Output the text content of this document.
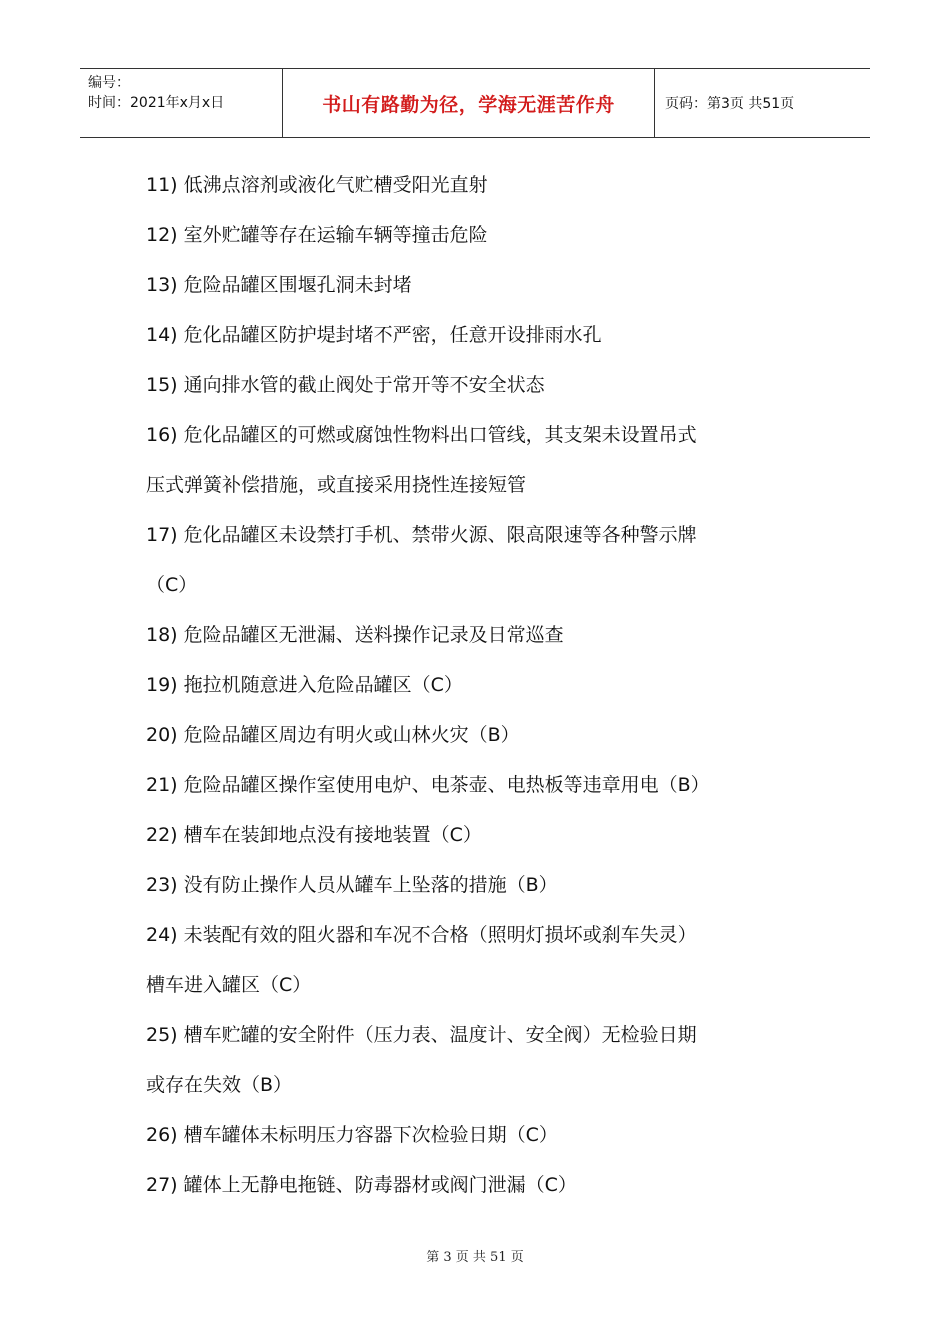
编号：
时间：2021年x月x日	书山有路勤为径，学海无涯苦作舟	页码：第3页 共51页
11) 低沸点溶剂或液化气贮槽受阳光直射
12) 室外贮罐等存在运输车辆等撞击危险
13) 危险品罐区围堰孔洞未封堵
14) 危化品罐区防护堤封堵不严密，任意开设排雨水孔
15) 通向排水管的截止阀处于常开等不安全状态
16) 危化品罐区的可燃或腐蚀性物料出口管线，其支架未设置吊式
压式弹簧补偿措施，或直接采用挠性连接短管
17) 危化品罐区未设禁打手机、禁带火源、限高限速等各种警示牌
（C）
18) 危险品罐区无泄漏、送料操作记录及日常巡查
19) 拖拉机随意进入危险品罐区（C）
20) 危险品罐区周边有明火或山林火灾（B）
21) 危险品罐区操作室使用电炉、电茶壶、电热板等违章用电（B）
22) 槽车在装卸地点没有接地装置（C）
23) 没有防止操作人员从罐车上坠落的措施（B）
24) 未装配有效的阻火器和车况不合格（照明灯损坏或刹车失灵）
槽车进入罐区（C）
25) 槽车贮罐的安全附件（压力表、温度计、安全阀）无检验日期
或存在失效（B）
26) 槽车罐体未标明压力容器下次检验日期（C）
27) 罐体上无静电拖链、防毒器材或阀门泄漏（C）
第 3 页 共 51 页
